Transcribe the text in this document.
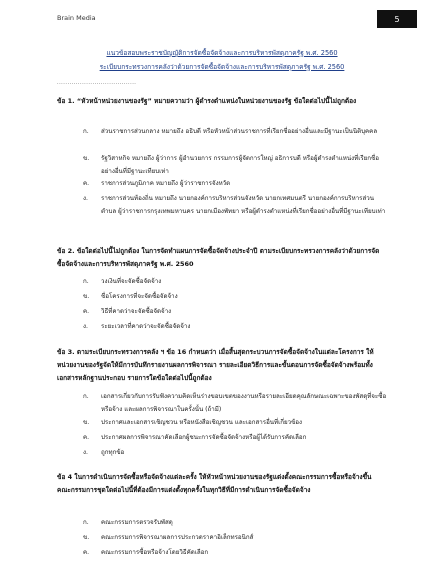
Brain Media	5
แนวข้อสอบพระราชบัญญัติการจัดซื้อจัดจ้างและการบริหารพัสดุภาครัฐ พ.ศ. 2560
ระเบียบกระทรวงการคลังว่าด้วยการจัดซื้อจัดจ้างและการบริหารพัสดุภาครัฐ พ.ศ. 2560
......................................
ข้อ 1. “หัวหน้าหน่วยงานของรัฐ” หมายความว่า ผู้ดำรงตำแหน่งในหน่วยงานของรัฐ ข้อใดต่อไปนี้ไม่ถูกต้อง
ก.	ส่วนราชการส่วนกลาง หมายถึง อธิบดี หรือหัวหน้าส่วนราชการที่เรียกชื่ออย่างอื่นและมีฐานะเป็นนิติบุคคล
ข.	รัฐวิสาหกิจ หมายถึง ผู้ว่าการ ผู้อำนวยการ กรรมการผู้จัดการใหญ่ อธิการบดี หรือผู้ดำรงตำแหน่งที่เรียกชื่ออย่างอื่นที่มีฐานะเทียบเท่า
ค.	ราชการส่วนภูมิภาค หมายถึง ผู้ว่าราชการจังหวัด
ง.	ราชการส่วนท้องถิ่น หมายถึง นายกองค์การบริหารส่วนจังหวัด นายกเทศมนตรี นายกองค์การบริหารส่วนตำบล ผู้ว่าราชการกรุงเทพมหานคร นายกเมืองพัทยา หรือผู้ดำรงตำแหน่งที่เรียกชื่ออย่างอื่นที่มีฐานะเทียบเท่า
ข้อ 2. ข้อใดต่อไปนี้ไม่ถูกต้อง ในการจัดทำแผนการจัดซื้อจัดจ้างประจำปี ตามระเบียบกระทรวงการคลังว่าด้วยการจัดซื้อจัดจ้างและการบริหารพัสดุภาครัฐ พ.ศ. 2560
ก.	วงเงินที่จะจัดซื้อจัดจ้าง
ข.	ชื่อโครงการที่จะจัดซื้อจัดจ้าง
ค.	วิธีที่คาดว่าจะจัดซื้อจัดจ้าง
ง.	ระยะเวลาที่คาดว่าจะจัดซื้อจัดจ้าง
ข้อ 3. ตามระเบียบกระทรวงการคลัง ฯ ข้อ 16 กำหนดว่า เมื่อสิ้นสุดกระบวนการจัดซื้อจัดจ้างในแต่ละโครงการ ให้หน่วยงานของรัฐจัดให้มีการบันทึกรายงานผลการพิจารณา รายละเอียดวิธีการและขั้นตอนการจัดซื้อจัดจ้างพร้อมทั้งเอกสารหลักฐานประกอบ รายการใดข้อใดต่อไปนี้ถูกต้อง
ก.	เอกสารเกี่ยวกับการรับฟังความคิดเห็นร่างขอบเขตของงานหรือรายละเอียดคุณลักษณะเฉพาะของพัสดุที่จะซื้อหรือจ้าง และผลการพิจารณาในครั้งนั้น (ถ้ามี)
ข.	ประกาศและเอกสารเชิญชวน หรือหนังสือเชิญชวน และเอกสารอื่นที่เกี่ยวข้อง
ค.	ประกาศผลการพิจารณาคัดเลือกผู้ชนะการจัดซื้อจัดจ้างหรือผู้ได้รับการคัดเลือก
ง.	ถูกทุกข้อ
ข้อ 4 ในการดำเนินการจัดซื้อหรือจัดจ้างแต่ละครั้ง ให้หัวหน้าหน่วยงานของรัฐแต่งตั้งคณะกรรมการซื้อหรือจ้างขึ้น คณะกรรมการชุดใดต่อไปนี้ที่ต้องมีการแต่งตั้งทุกครั้งในทุกวิธีที่มีการดำเนินการจัดซื้อจัดจ้าง
ก.	คณะกรรมการตรวจรับพัสดุ
ข.	คณะกรรมการพิจารณาผลการประกวดราคาอิเล็กทรอนิกส์
ค.	คณะกรรมการซื้อหรือจ้างโดยวิธีคัดเลือก
